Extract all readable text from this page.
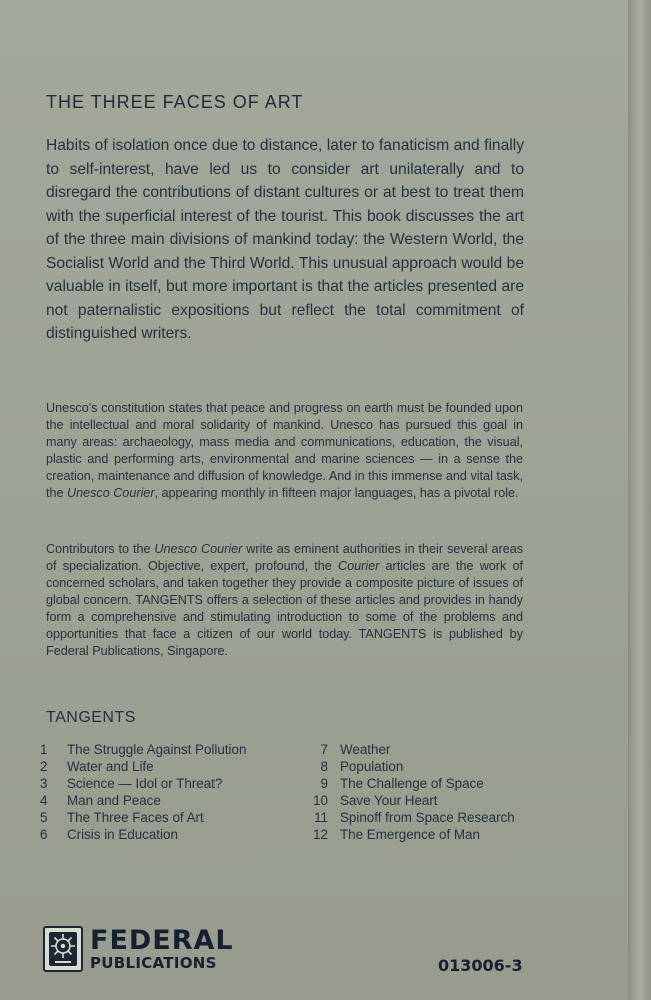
THE THREE FACES OF ART

Habits of isolation once due to distance, later to fanaticism and finally to self-interest, have led us to consider art unilaterally and to disregard the contributions of distant cultures or at best to treat them with the superficial interest of the tourist. This book discusses the art of the three main divisions of mankind today: the Western World, the Socialist World and the Third World. This unusual approach would be valuable in itself, but more important is that the articles presented are not paternalistic expositions but reflect the total commitment of distinguished writers.

Unesco's constitution states that peace and progress on earth must be founded upon the intellectual and moral solidarity of mankind. Unesco has pursued this goal in many areas: archaeology, mass media and communications, education, the visual, plastic and performing arts, environmental and marine sciences — in a sense the creation, maintenance and diffusion of knowledge. And in this immense and vital task, the Unesco Courier, appearing monthly in fifteen major languages, has a pivotal role.

Contributors to the Unesco Courier write as eminent authorities in their several areas of specialization. Objective, expert, profound, the Courier articles are the work of concerned scholars, and taken together they provide a composite picture of issues of global concern. TANGENTS offers a selection of these articles and provides in handy form a comprehensive and stimulating introduction to some of the problems and opportunities that face a citizen of our world today. TANGENTS is published by Federal Publications, Singapore.

TANGENTS
1	The Struggle Against Pollution
2	Water and Life
3	Science — Idol or Threat?
4	Man and Peace
5	The Three Faces of Art
6	Crisis in Education
7 Weather
8 Population
9 The Challenge of Space
10 Save Your Heart
11 Spinoff from Space Research
12 The Emergence of Man
FEDERAL
PUBLICATIONS	013006-3
